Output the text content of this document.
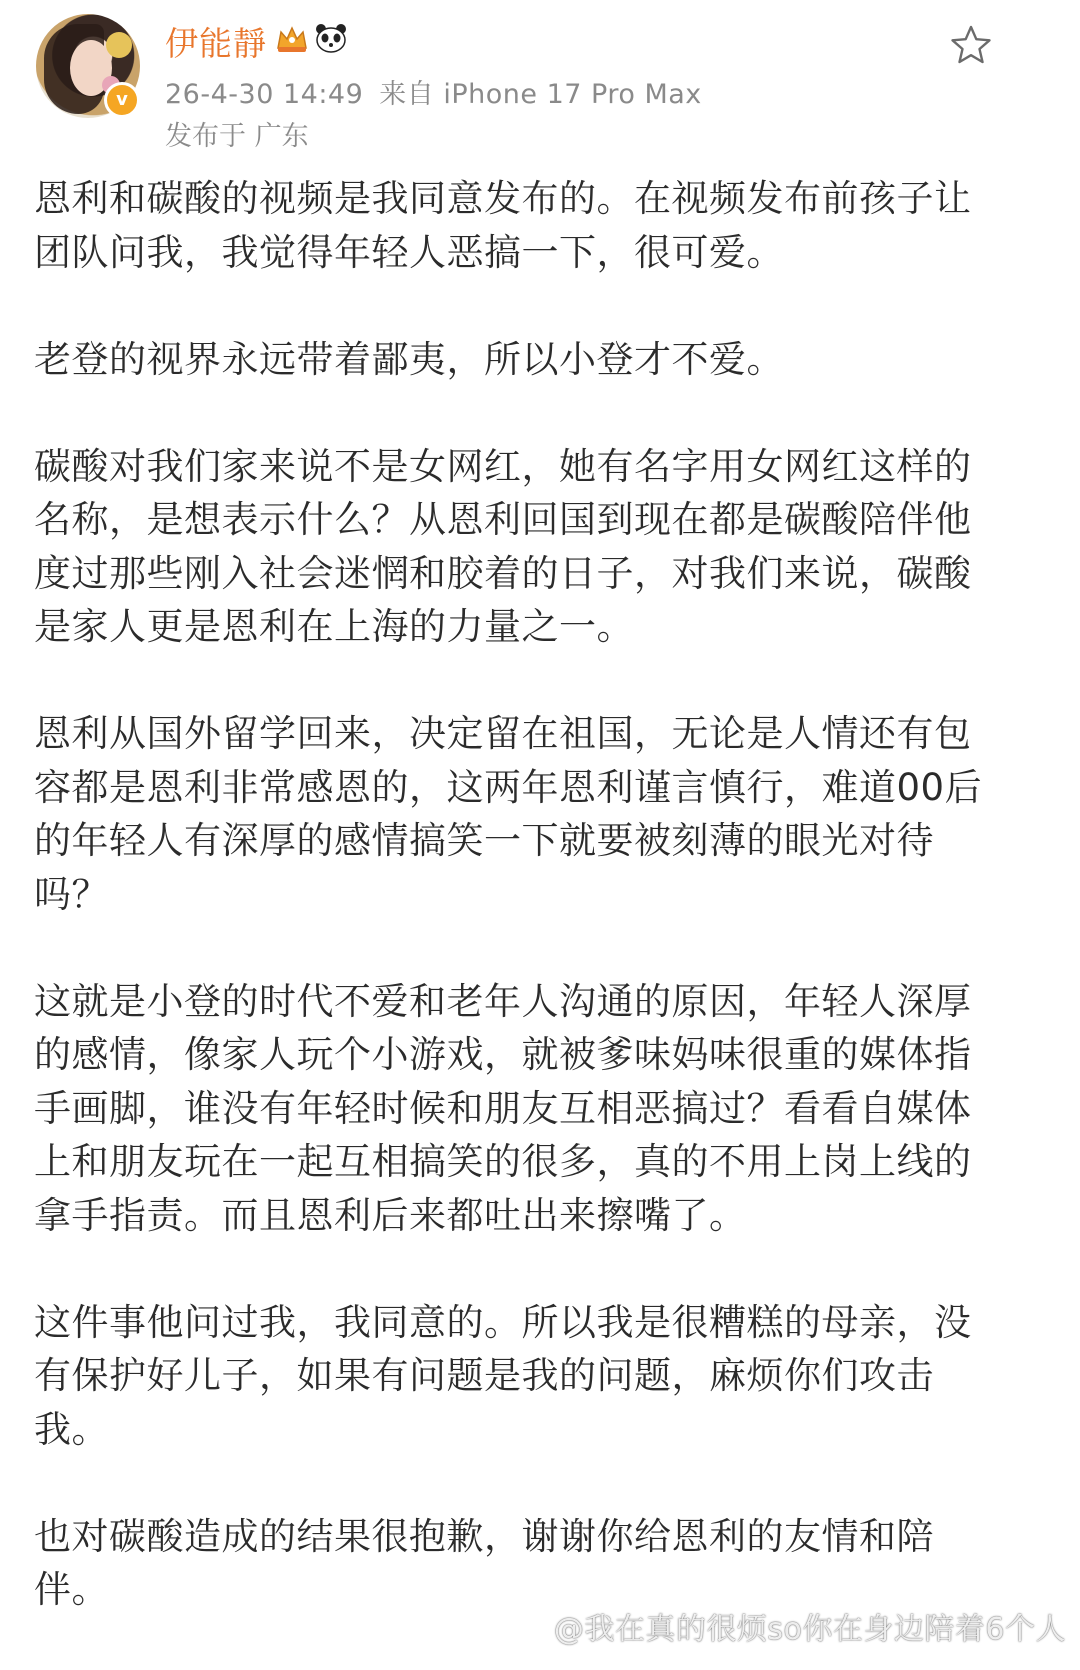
v
伊能靜
26-4-30 14:49 来自 iPhone 17 Pro Max
发布于 广东

恩利和碳酸的视频是我同意发布的。在视频发布前孩子让团队问我，我觉得年轻人恶搞一下，很可爱。

老登的视界永远带着鄙夷，所以小登才不爱。

碳酸对我们家来说不是女网红，她有名字用女网红这样的名称，是想表示什么？从恩利回国到现在都是碳酸陪伴他度过那些刚入社会迷惘和胶着的日子，对我们来说，碳酸是家人更是恩利在上海的力量之一。

恩利从国外留学回来，决定留在祖国，无论是人情还有包容都是恩利非常感恩的，这两年恩利谨言慎行，难道00后的年轻人有深厚的感情搞笑一下就要被刻薄的眼光对待吗？

这就是小登的时代不爱和老年人沟通的原因，年轻人深厚的感情，像家人玩个小游戏，就被爹味妈味很重的媒体指手画脚，谁没有年轻时候和朋友互相恶搞过？看看自媒体上和朋友玩在一起互相搞笑的很多，真的不用上岗上线的拿手指责。而且恩利后来都吐出来擦嘴了。

这件事他问过我，我同意的。所以我是很糟糕的母亲，没有保护好儿子，如果有问题是我的问题，麻烦你们攻击我。

也对碳酸造成的结果很抱歉，谢谢你给恩利的友情和陪伴。

@我在真的很烦so你在身边陪着6个人
